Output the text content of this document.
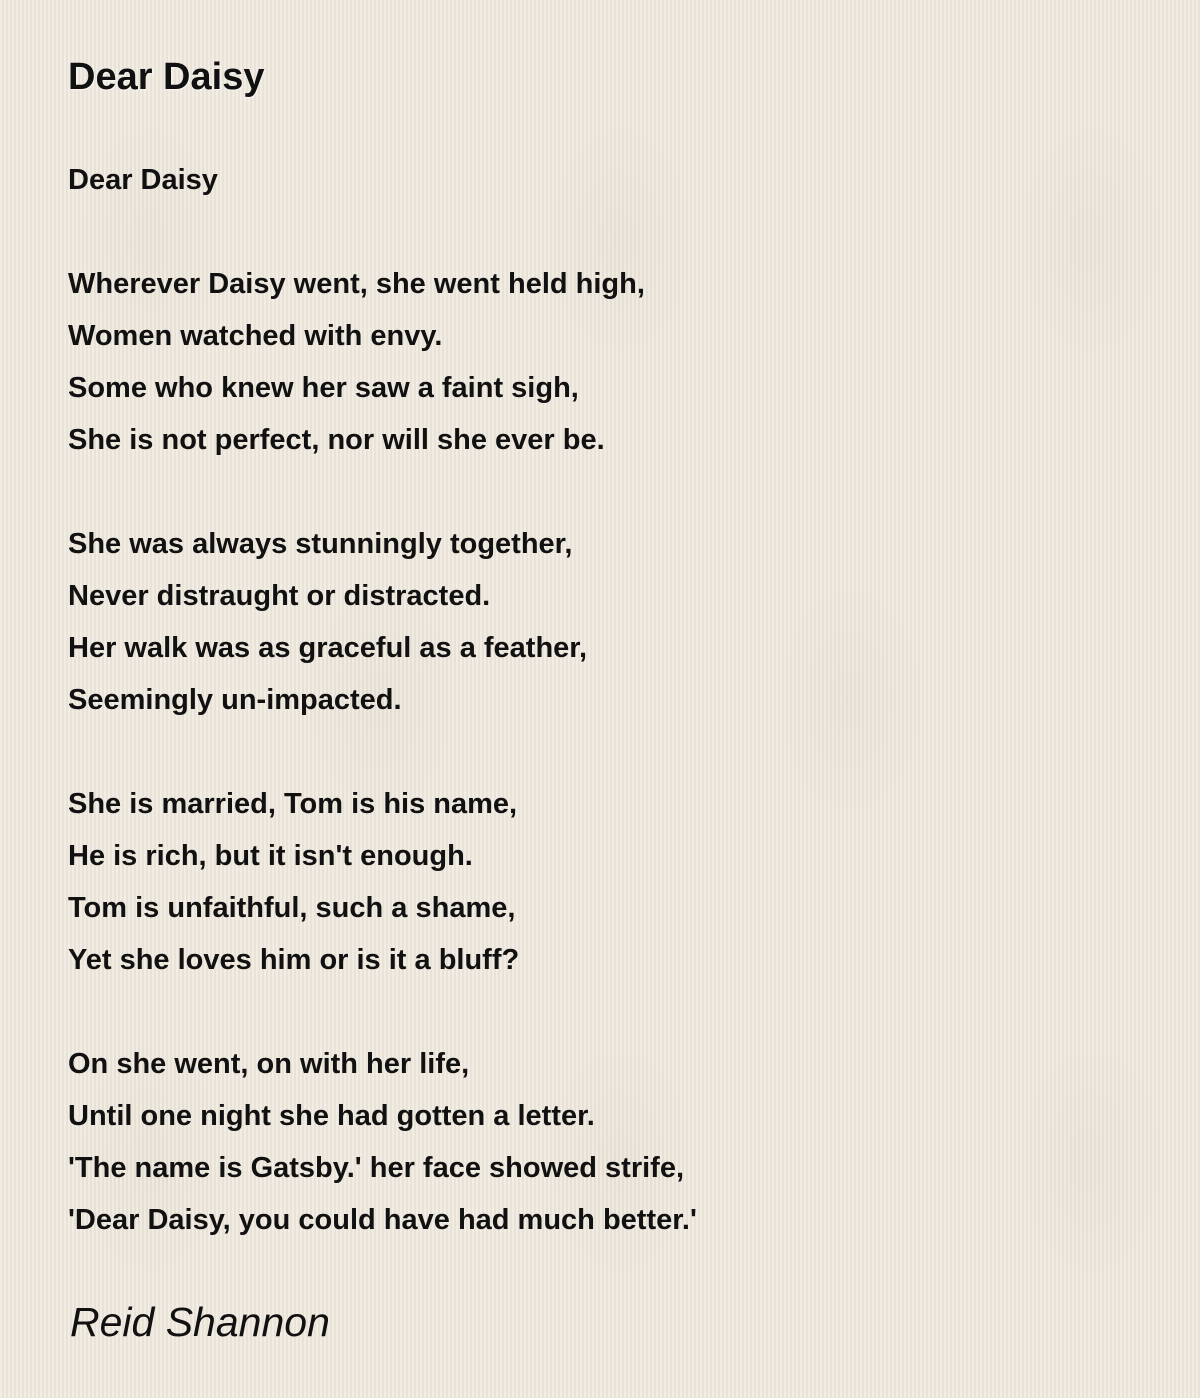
Dear Daisy
Dear Daisy
Wherever Daisy went, she went held high,
Women watched with envy.
Some who knew her saw a faint sigh,
She is not perfect, nor will she ever be.
She was always stunningly together,
Never distraught or distracted.
Her walk was as graceful as a feather,
Seemingly un-impacted.
She is married, Tom is his name,
He is rich, but it isn't enough.
Tom is unfaithful, such a shame,
Yet she loves him or is it a bluff?
On she went, on with her life,
Until one night she had gotten a letter.
'The name is Gatsby.' her face showed strife,
'Dear Daisy, you could have had much better.'
Reid Shannon
